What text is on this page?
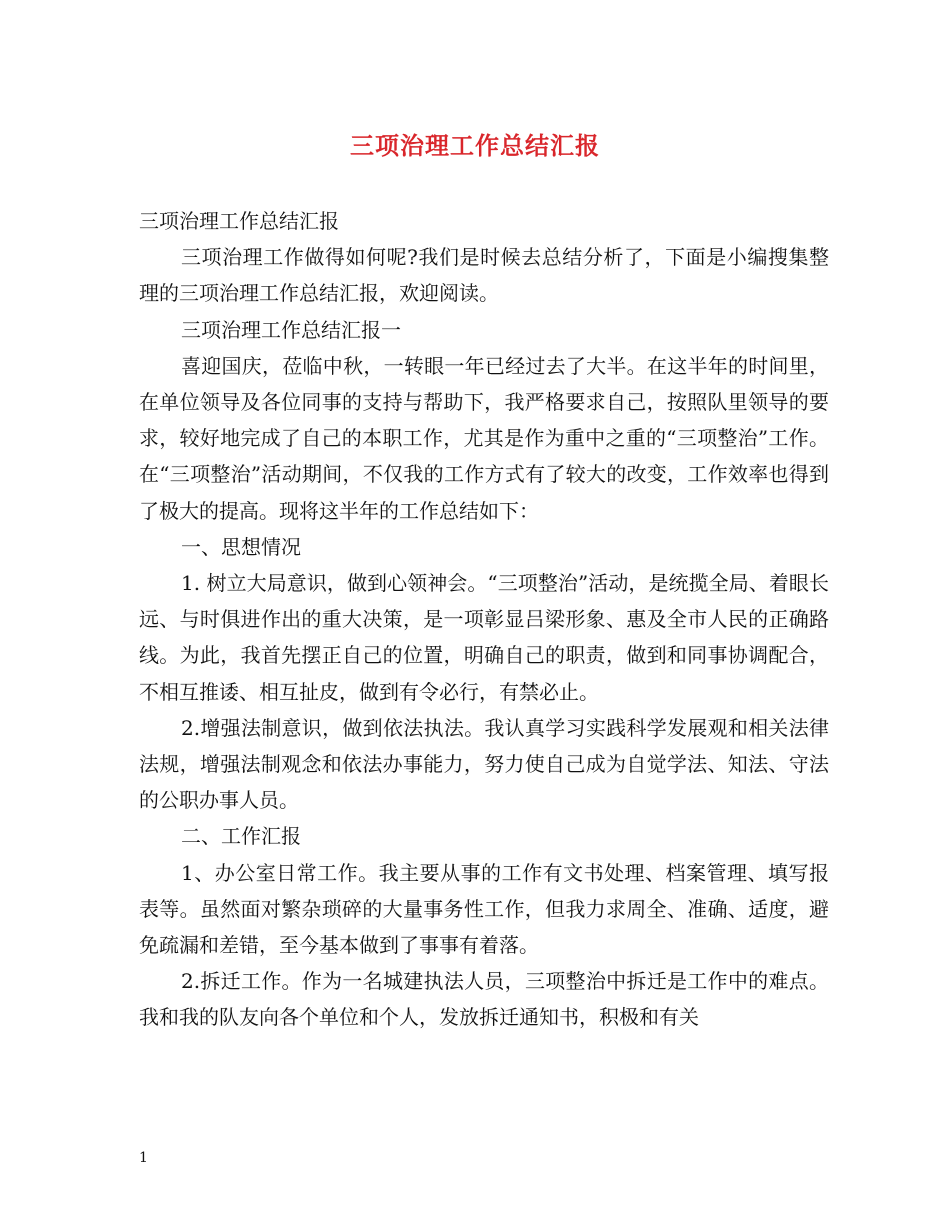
三项治理工作总结汇报

三项治理工作总结汇报

三项治理工作做得如何呢?我们是时候去总结分析了，下面是小编搜集整理的三项治理工作总结汇报，欢迎阅读。

三项治理工作总结汇报一

喜迎国庆，莅临中秋，一转眼一年已经过去了大半。在这半年的时间里，在单位领导及各位同事的支持与帮助下，我严格要求自己，按照队里领导的要求，较好地完成了自己的本职工作，尤其是作为重中之重的“三项整治”工作。在“三项整治”活动期间，不仅我的工作方式有了较大的改变，工作效率也得到了极大的提高。现将这半年的工作总结如下：

一、思想情况

1. 树立大局意识，做到心领神会。“三项整治”活动，是统揽全局、着眼长远、与时俱进作出的重大决策，是一项彰显吕梁形象、惠及全市人民的正确路线。为此，我首先摆正自己的位置，明确自己的职责，做到和同事协调配合，不相互推诿、相互扯皮，做到有令必行，有禁必止。

2.增强法制意识，做到依法执法。我认真学习实践科学发展观和相关法律法规，增强法制观念和依法办事能力，努力使自己成为自觉学法、知法、守法的公职办事人员。

二、工作汇报

1、办公室日常工作。我主要从事的工作有文书处理、档案管理、填写报表等。虽然面对繁杂琐碎的大量事务性工作，但我力求周全、准确、适度，避免疏漏和差错，至今基本做到了事事有着落。

2.拆迁工作。作为一名城建执法人员，三项整治中拆迁是工作中的难点。我和我的队友向各个单位和个人，发放拆迁通知书，积极和有关

1
